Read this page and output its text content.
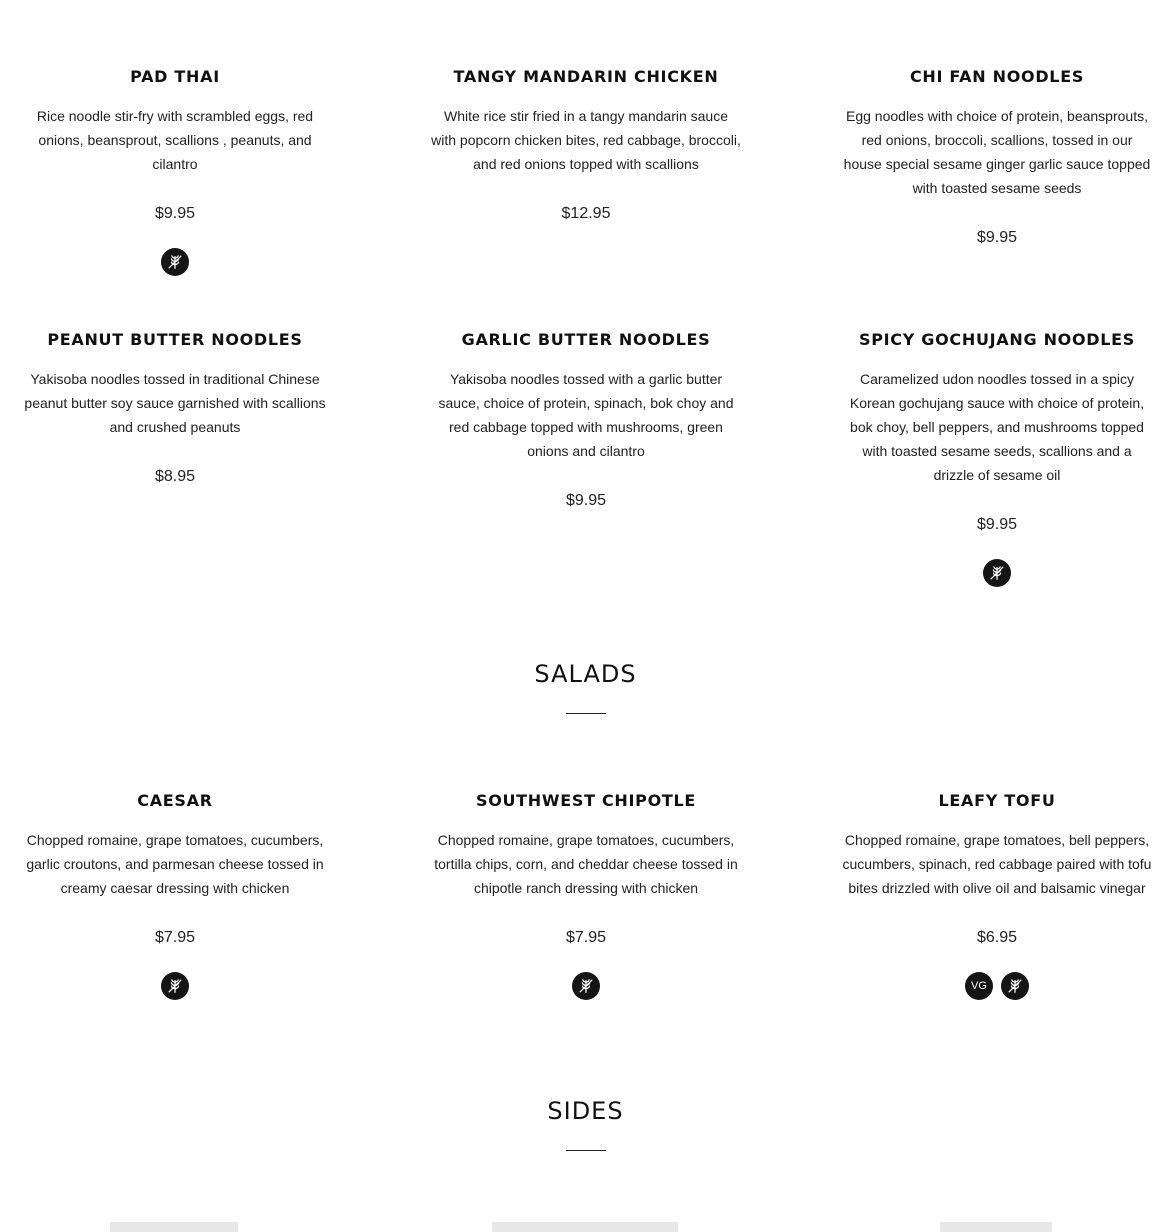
PAD THAI
Rice noodle stir-fry with scrambled eggs, red onions, beansprout, scallions , peanuts, and cilantro
$9.95
TANGY MANDARIN CHICKEN
White rice stir fried in a tangy mandarin sauce with popcorn chicken bites, red cabbage, broccoli, and red onions topped with scallions
$12.95
CHI FAN NOODLES
Egg noodles with choice of protein, beansprouts, red onions, broccoli, scallions, tossed in our house special sesame ginger garlic sauce topped with toasted sesame seeds
$9.95
PEANUT BUTTER NOODLES
Yakisoba noodles tossed in traditional Chinese peanut butter soy sauce garnished with scallions and crushed peanuts
$8.95
GARLIC BUTTER NOODLES
Yakisoba noodles tossed with a garlic butter sauce, choice of protein, spinach, bok choy and red cabbage topped with mushrooms, green onions and cilantro
$9.95
SPICY GOCHUJANG NOODLES
Caramelized udon noodles tossed in a spicy Korean gochujang sauce with choice of protein, bok choy, bell peppers, and mushrooms topped with toasted sesame seeds, scallions and a drizzle of sesame oil
$9.95
SALADS
CAESAR
Chopped romaine, grape tomatoes, cucumbers, garlic croutons, and parmesan cheese tossed in creamy caesar dressing with chicken
$7.95
SOUTHWEST CHIPOTLE
Chopped romaine, grape tomatoes, cucumbers, tortilla chips, corn, and cheddar cheese tossed in chipotle ranch dressing with chicken
$7.95
LEAFY TOFU
Chopped romaine, grape tomatoes, bell peppers, cucumbers, spinach, red cabbage paired with tofu bites drizzled with olive oil and balsamic vinegar
$6.95
VG
SIDES
